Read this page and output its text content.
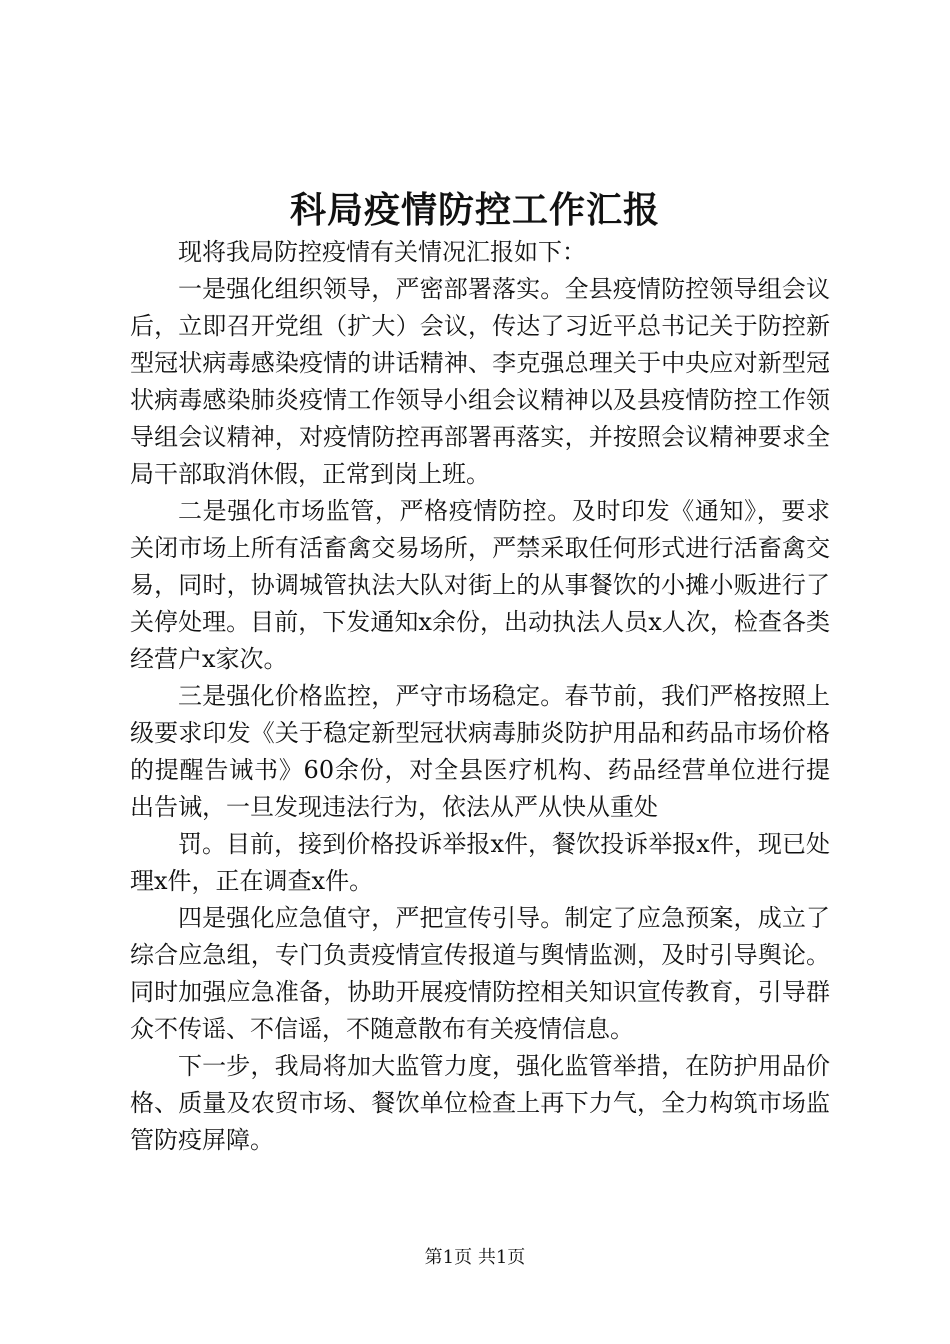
科局疫情防控工作汇报

现将我局防控疫情有关情况汇报如下：

一是强化组织领导，严密部署落实。全县疫情防控领导组会议后，立即召开党组（扩大）会议，传达了习近平总书记关于防控新型冠状病毒感染疫情的讲话精神、李克强总理关于中央应对新型冠状病毒感染肺炎疫情工作领导小组会议精神以及县疫情防控工作领导组会议精神，对疫情防控再部署再落实，并按照会议精神要求全局干部取消休假，正常到岗上班。

二是强化市场监管，严格疫情防控。及时印发《通知》，要求关闭市场上所有活畜禽交易场所，严禁采取任何形式进行活畜禽交易，同时，协调城管执法大队对街上的从事餐饮的小摊小贩进行了关停处理。目前，下发通知x余份，出动执法人员x人次，检查各类经营户x家次。

三是强化价格监控，严守市场稳定。春节前，我们严格按照上级要求印发《关于稳定新型冠状病毒肺炎防护用品和药品市场价格的提醒告诫书》60余份，对全县医疗机构、药品经营单位进行提出告诫，一旦发现违法行为，依法从严从快从重处

罚。目前，接到价格投诉举报x件，餐饮投诉举报x件，现已处理x件，正在调查x件。

四是强化应急值守，严把宣传引导。制定了应急预案，成立了综合应急组，专门负责疫情宣传报道与舆情监测，及时引导舆论。同时加强应急准备，协助开展疫情防控相关知识宣传教育，引导群众不传谣、不信谣，不随意散布有关疫情信息。

下一步，我局将加大监管力度，强化监管举措，在防护用品价格、质量及农贸市场、餐饮单位检查上再下力气，全力构筑市场监管防疫屏障。

第1页 共1页
